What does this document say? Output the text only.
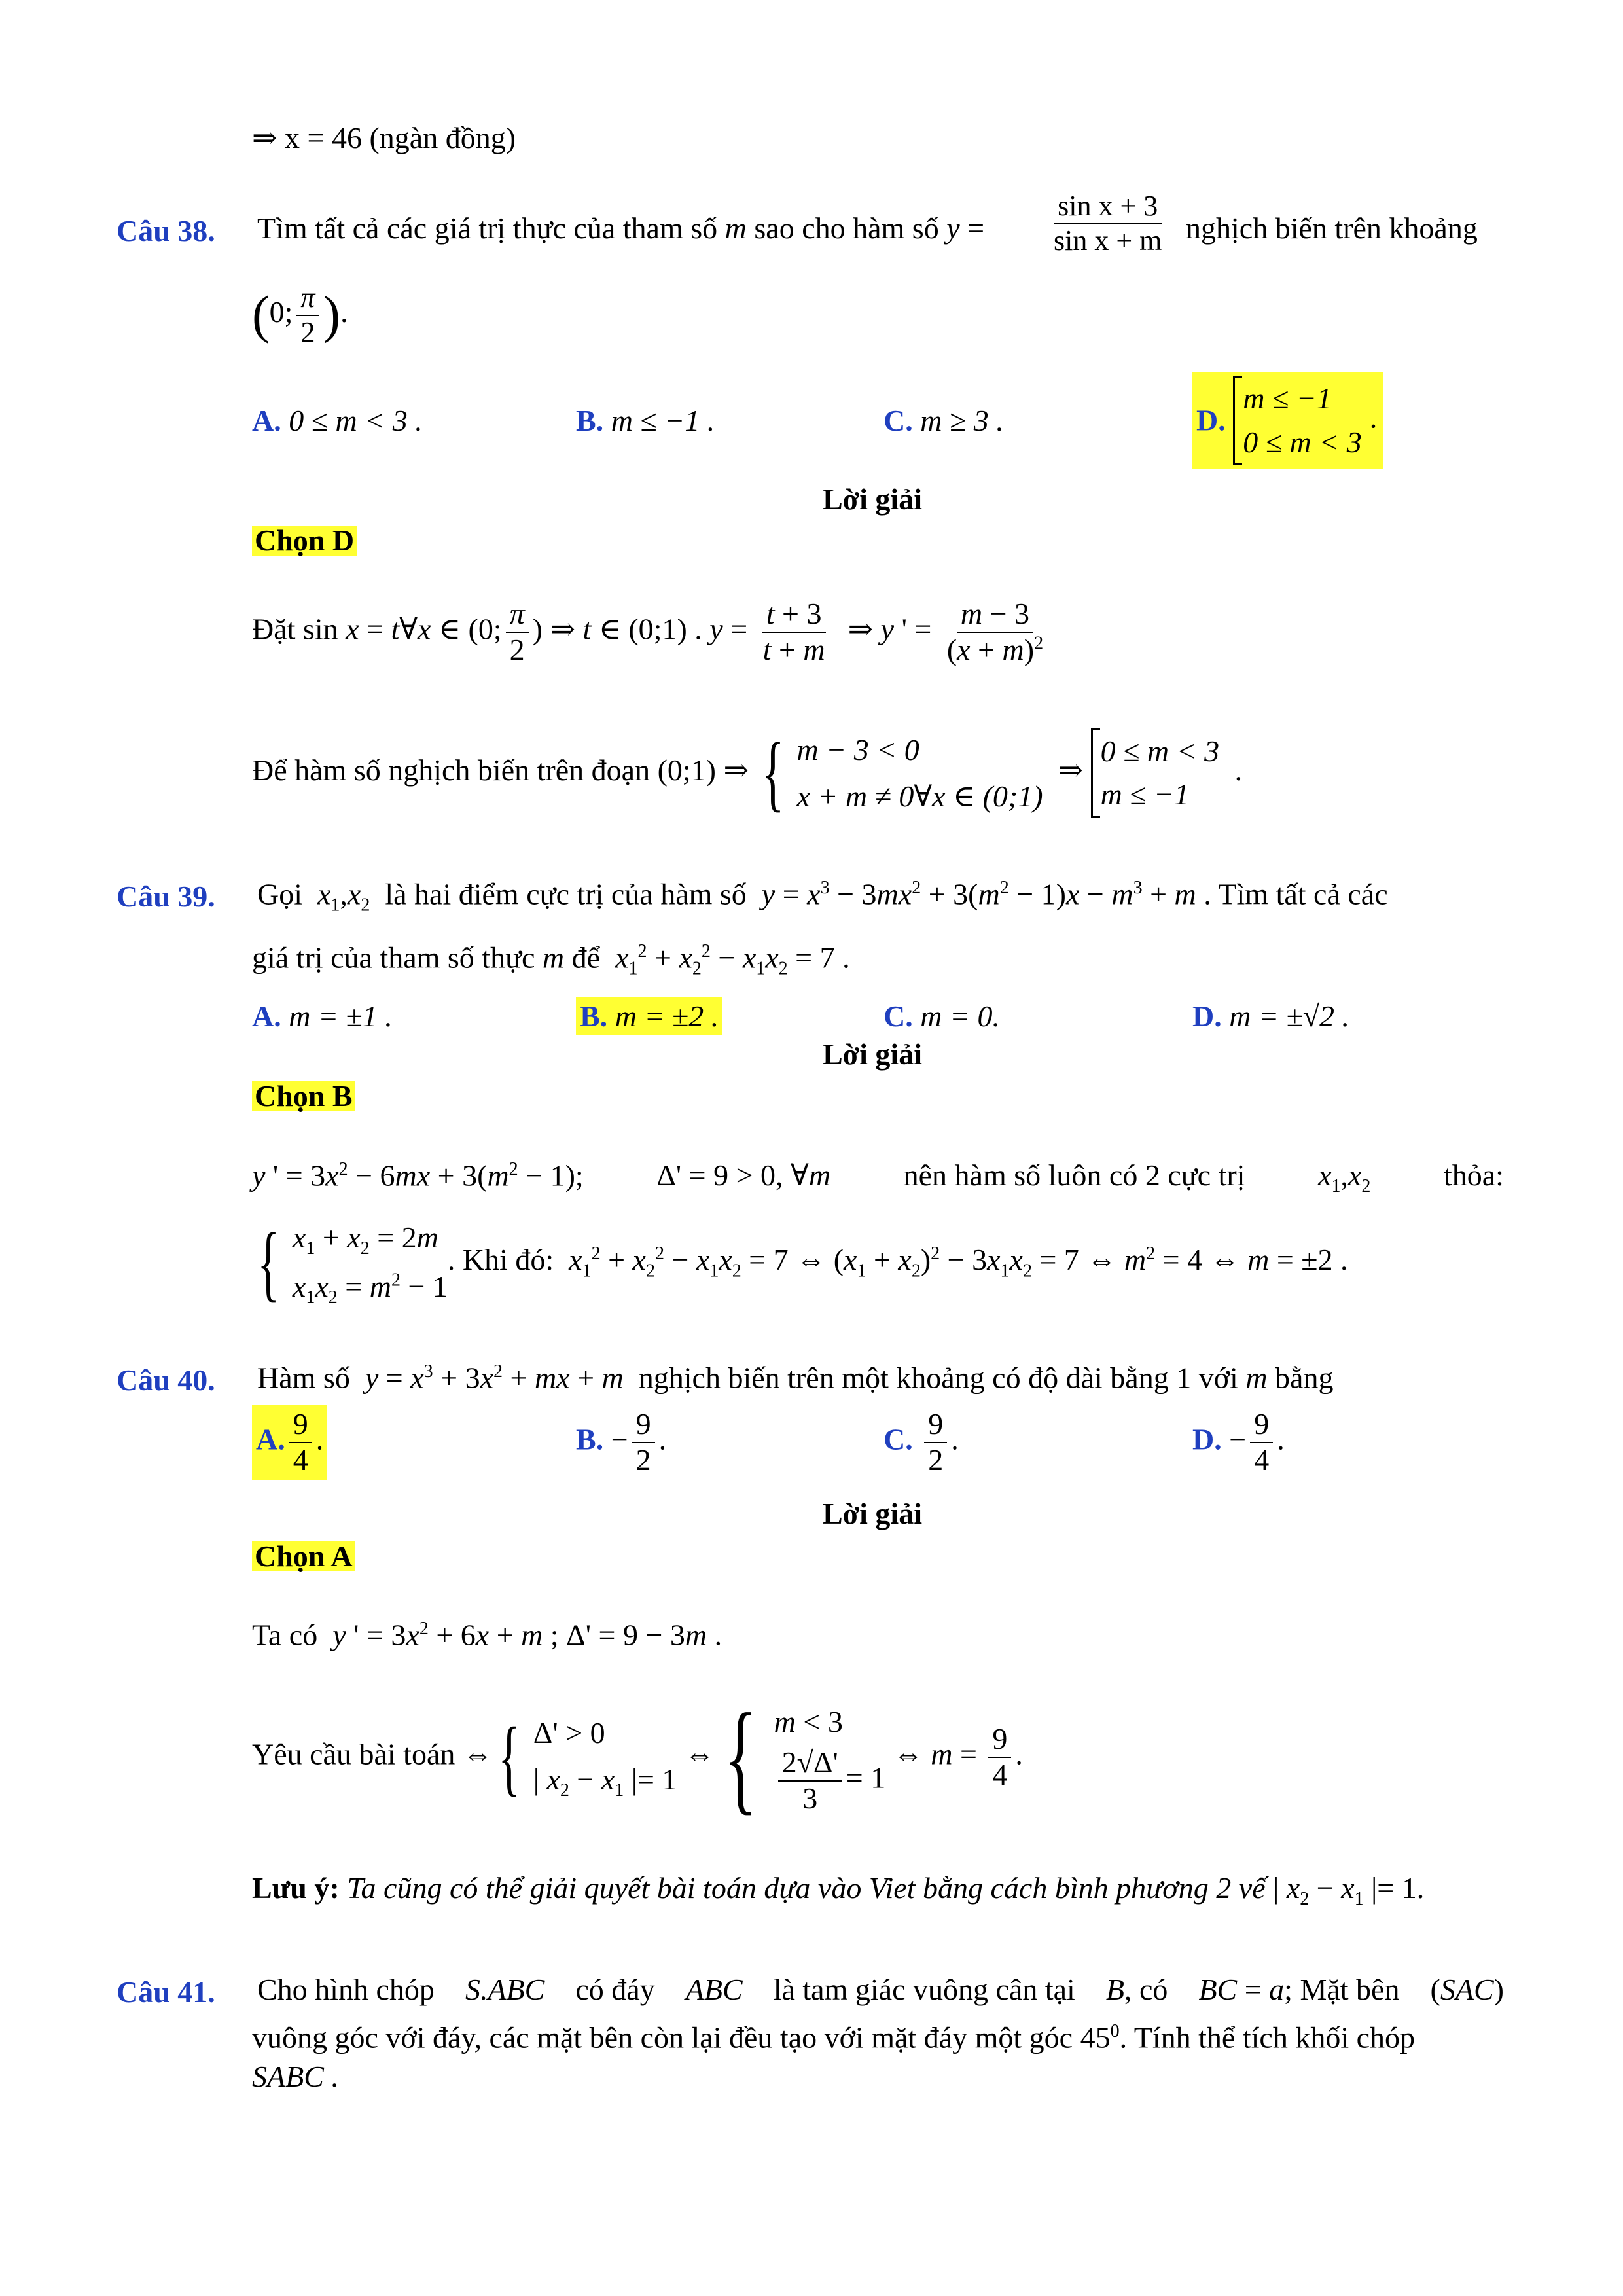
⇒ x = 46 (ngàn đồng)
Câu 38. Tìm tất cả các giá trị thực của tham số m sao cho hàm số $y = \frac{\text{sin x + 3}}{\text{sin x + m}}$ nghịch biến trên khoảng
(0; $\frac{\pi}{2}$ ).
A. 0 ≤ m < 3 .	B. m ≤ −1 .	C. m ≥ 3 .	D. m ≤ −1
0 ≤ m < 3.
Lời giải
Chọn D
Đặt sin x = t∀x ∈ (0; $\frac{\pi}{2}$ ) ⇒ t ∈ (0;1) . $y = \frac{t + 3}{t + m}$ ⇒ y ' = $\frac{m - 3}{(x + m)^2}$
Để hàm số nghịch biến trên đoạn (0;1) ⇒ { m − 3 < 0
x + m ≠ 0∀x ∈ (0;1)  ⇒ 0 ≤ m < 3
m ≤ −1 .
Câu 39. Gọi $x_1,x_2$ là hai điểm cực trị của hàm số $y = x^3 - 3mx^2 + 3(m^2 - 1)x - m^3 + m$ . Tìm tất cả các
giá trị của tham số thực m để $x_1^2 + x_2^2 - x_1x_2 = 7$ .
A. m = ±1 .	B. m = ±2 .	C. m = 0.	D. m = ±√2 .
Lời giải
Chọn B
y ' = $3x^2 - 6mx + 3(m^2 - 1)$; Δ' = 9 > 0, ∀m nên hàm số luôn có 2 cực trị $x_1,x_2$ thỏa:
{ $x_1 + x_2 = 2m$
$x_1x_2 = m^2 - 1$. Khi đó: $x_1^2 + x_2^2 - x_1x_2 = 7$ ⇔ $(x_1 + x_2)^2 - 3x_1x_2 = 7$ ⇔ $m^2 = 4$ ⇔ m = ±2 .
Câu 40. Hàm số $y = x^3 + 3x^2$ + mx + m nghịch biến trên một khoảng có độ dài bằng 1 với m bằng
A. $\frac{9}{4}$ .	B. − $\frac{9}{2}$ .	C. $\frac{9}{2}$ .	D. − $\frac{9}{4}$ .
Lời giải
Chọn A
Ta có y ' = $3x^2 + 6x + m$ ; Δ' = 9 − 3m .
Yêu cầu bài toán ⇔{ Δ' > 0
| $x_2 - x_1$ |= 1 ⇔{ m < 3

$\frac{2√\Delta'}{3} = 1$ ⇔ $m = \frac{9}{4}$ .
Lưu ý: Ta cũng có thể giải quyết bài toán dựa vào Viet bằng cách bình phương 2 vế | $x_2 - x_1$ |= 1.
Câu 41. Cho hình chóp S.ABC có đáy ABC là tam giác vuông cân tại B, có BC = a; Mặt bên (SAC)
vuông góc với đáy, các mặt bên còn lại đều tạo với mặt đáy một góc $45^0$. Tính thể tích khối chóp
SABC .
